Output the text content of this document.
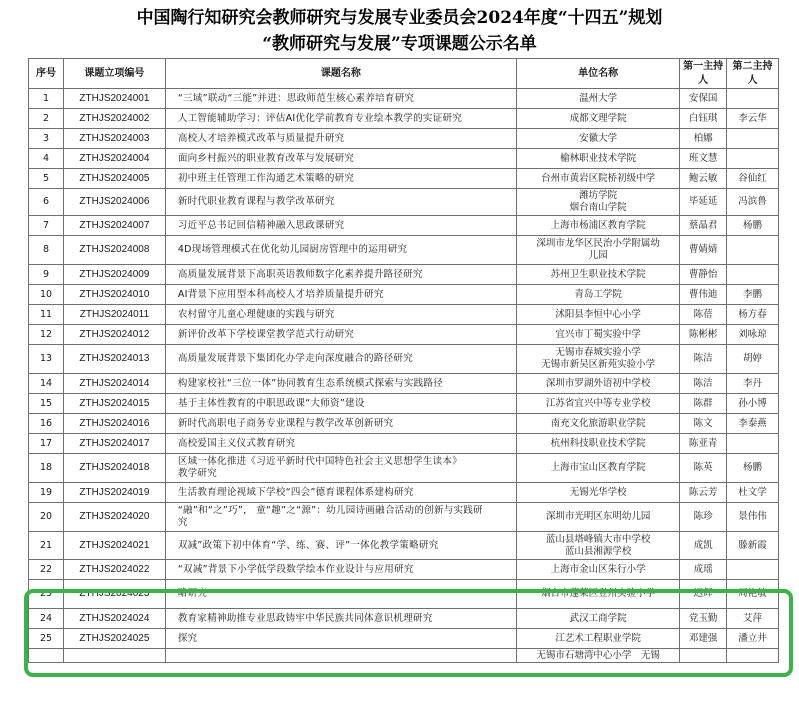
中国陶行知研究会教师研究与发展专业委员会2024年度“十四五”规划
“教师研究与发展”专项课题公示名单
序号	课题立项编号	课题名称	单位名称	第一主持人	第二主持人
1	ZTHJS2024001	“三域”联动“三能”并进：思政师范生核心素养培育研究	温州大学	安保国	
2	ZTHJS2024002	人工智能辅助学习：评估AI优化学前教育专业绘本教学的实证研究	成都文理学院	白钰琪	李云华
3	ZTHJS2024003	高校人才培养模式改革与质量提升研究	安徽大学	柏娜	
4	ZTHJS2024004	面向乡村振兴的职业教育改革与发展研究	榆林职业技术学院	班文慧	
5	ZTHJS2024005	初中班主任管理工作沟通艺术策略的研究	台州市黄岩区院桥初级中学	鲍云敏	谷仙红
6	ZTHJS2024006	新时代职业教育课程与教学改革研究	潍坊学院
烟台南山学院	毕延延	冯滨鲁
7	ZTHJS2024007	习近平总书记回信精神融入思政课研究	上海市杨浦区教育学院	蔡晶君	杨鹏
8	ZTHJS2024008	4D现场管理模式在优化幼儿园厨房管理中的运用研究	深圳市龙华区民治小学附属幼
儿园	曹婧婧	
9	ZTHJS2024009	高质量发展背景下高职英语教师数字化素养提升路径研究	苏州卫生职业技术学院	曹静怡	
10	ZTHJS2024010	AI背景下应用型本科高校人才培养质量提升研究	青岛工学院	曹伟迪	李鹏
11	ZTHJS2024011	农村留守儿童心理健康的实践与研究	沭阳县李恒中心小学	陈蓓	杨方春
12	ZTHJS2024012	新评价改革下学校课堂教学范式行动研究	宜兴市丁蜀实验中学	陈彬彬	刘咏琼
13	ZTHJS2024013	高质量发展背景下集团化办学走向深度融合的路径研究	无锡市春城实验小学
无锡市新吴区新苑实验小学	陈洁	胡婷
14	ZTHJS2024014	构建家校社“三位一体”协同教育生态系统模式探索与实践路径	深圳市罗湖外语初中学校	陈洁	李丹
15	ZTHJS2024015	基于主体性教育的中职思政课“大师资”建设	江苏省宜兴中等专业学校	陈群	孙小博
16	ZTHJS2024016	新时代高职电子商务专业课程与教学改革创新研究	南充文化旅游职业学院	陈文	李泰燕
17	ZTHJS2024017	高校爱国主义仪式教育研究	杭州科技职业技术学院	陈亚青	
18	ZTHJS2024018	区域一体化推进《习近平新时代中国特色社会主义思想学生读本》
教学研究	上海市宝山区教育学院	陈英	杨鹏
19	ZTHJS2024019	生活教育理论视域下学校“四会”德育课程体系建构研究	无锡光华学校	陈云芳	杜文学
20	ZTHJS2024020	“融”和“之”巧”， 童“趣”之“源”：幼儿园诗画融合活动的创新与实践研
究	深圳市光明区东明幼儿园	陈珍	景伟伟
21	ZTHJS2024021	双减”政策下初中体育“学、练、赛、评”一体化教学策略研究	蓝山县塔峰镇大市中学校
蓝山县湘源学校	成凯	滕新霞
22	ZTHJS2024022	“双减”背景下小学低学段数学绘本作业设计与应用研究	上海市金山区朱行小学	成瑶	
23	ZTHJS2024023	略研究	烟台市蓬莱区登州实验小学	迟辉	周艳敏
24	ZTHJS2024024	教育家精神助推专业思政铸牢中华民族共同体意识机理研究	武汉工商学院	党玉勤	艾萍
25	ZTHJS2024025	探究	江艺术工程职业学院	邓建强	潘立井
			无锡市石塘湾中心小学　无锡		
